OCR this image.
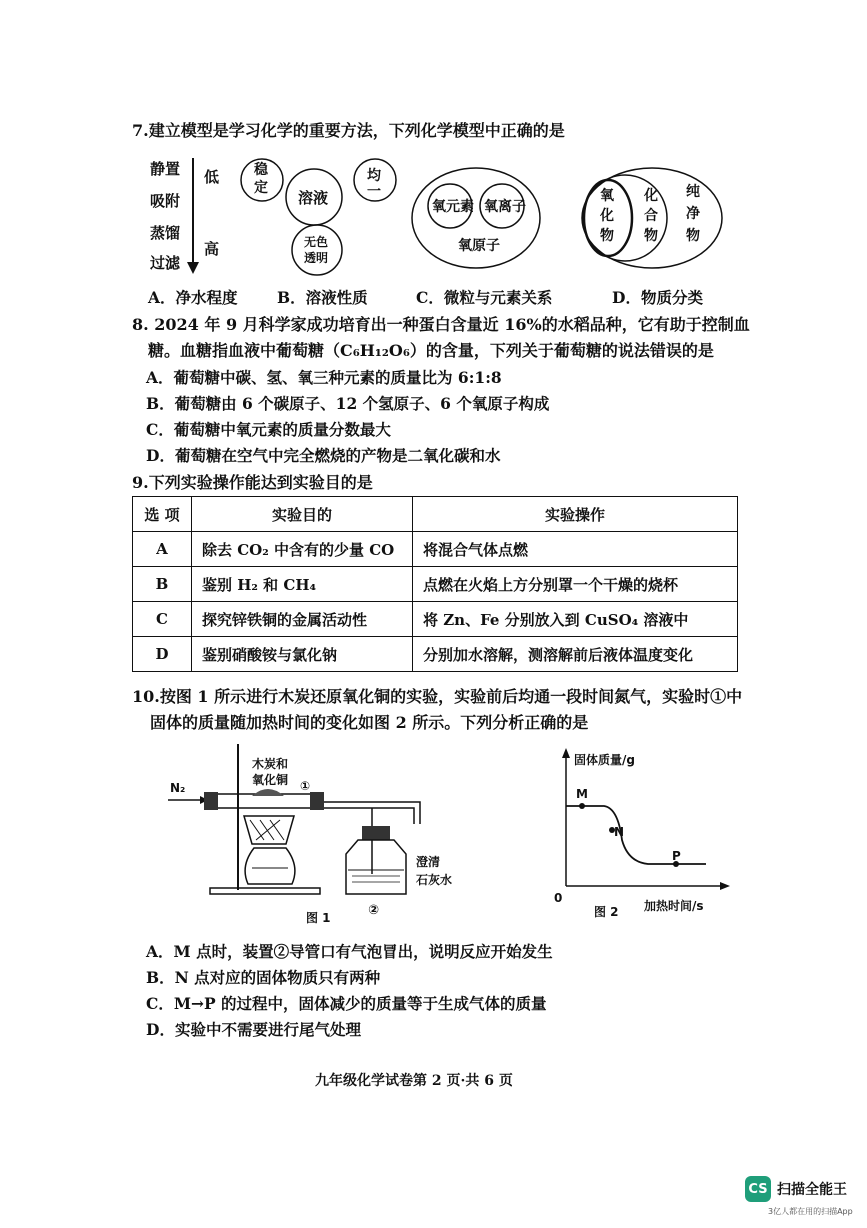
7.建立模型是学习化学的重要方法，下列化学模型中正确的是
静置
吸附
蒸馏
过滤
低
高
溶液
稳
定
均
一
无色
透明
氧元素 氧离子
氧原子
氧
化
物
化
合
物
纯
净
物
A．净水程度	B．溶液性质	C．微粒与元素关系	D．物质分类
8. 2024 年 9 月科学家成功培育出一种蛋白含量近 16%的水稻品种，它有助于控制血
糖。血糖指血液中葡萄糖（C₆H₁₂O₆）的含量，下列关于葡萄糖的说法错误的是
A．葡萄糖中碳、氢、氧三种元素的质量比为 6:1:8
B．葡萄糖由 6 个碳原子、12 个氢原子、6 个氧原子构成
C．葡萄糖中氧元素的质量分数最大
D．葡萄糖在空气中完全燃烧的产物是二氧化碳和水
9.下列实验操作能达到实验目的是
选 项	实验目的	实验操作
A	除去 CO₂ 中含有的少量 CO	将混合气体点燃
B	鉴别 H₂ 和 CH₄	点燃在火焰上方分别罩一个干燥的烧杯
C	探究锌铁铜的金属活动性	将 Zn、Fe 分别放入到 CuSO₄ 溶液中
D	鉴别硝酸铵与氯化钠	分别加水溶解，测溶解前后液体温度变化
10.按图 1 所示进行木炭还原氧化铜的实验，实验前后均通一段时间氮气，实验时①中
固体的质量随加热时间的变化如图 2 所示。下列分析正确的是
N₂
木炭和
氧化铜 ①
澄清
石灰水
②
图 1
固体质量/g
0
加热时间/s
图 2
M
N
P
A．M 点时，装置②导管口有气泡冒出，说明反应开始发生
B．N 点对应的固体物质只有两种
C．M→P 的过程中，固体减少的质量等于生成气体的质量
D．实验中不需要进行尾气处理
九年级化学试卷第 2 页·共 6 页
CS 扫描全能王
3亿人都在用的扫描App
